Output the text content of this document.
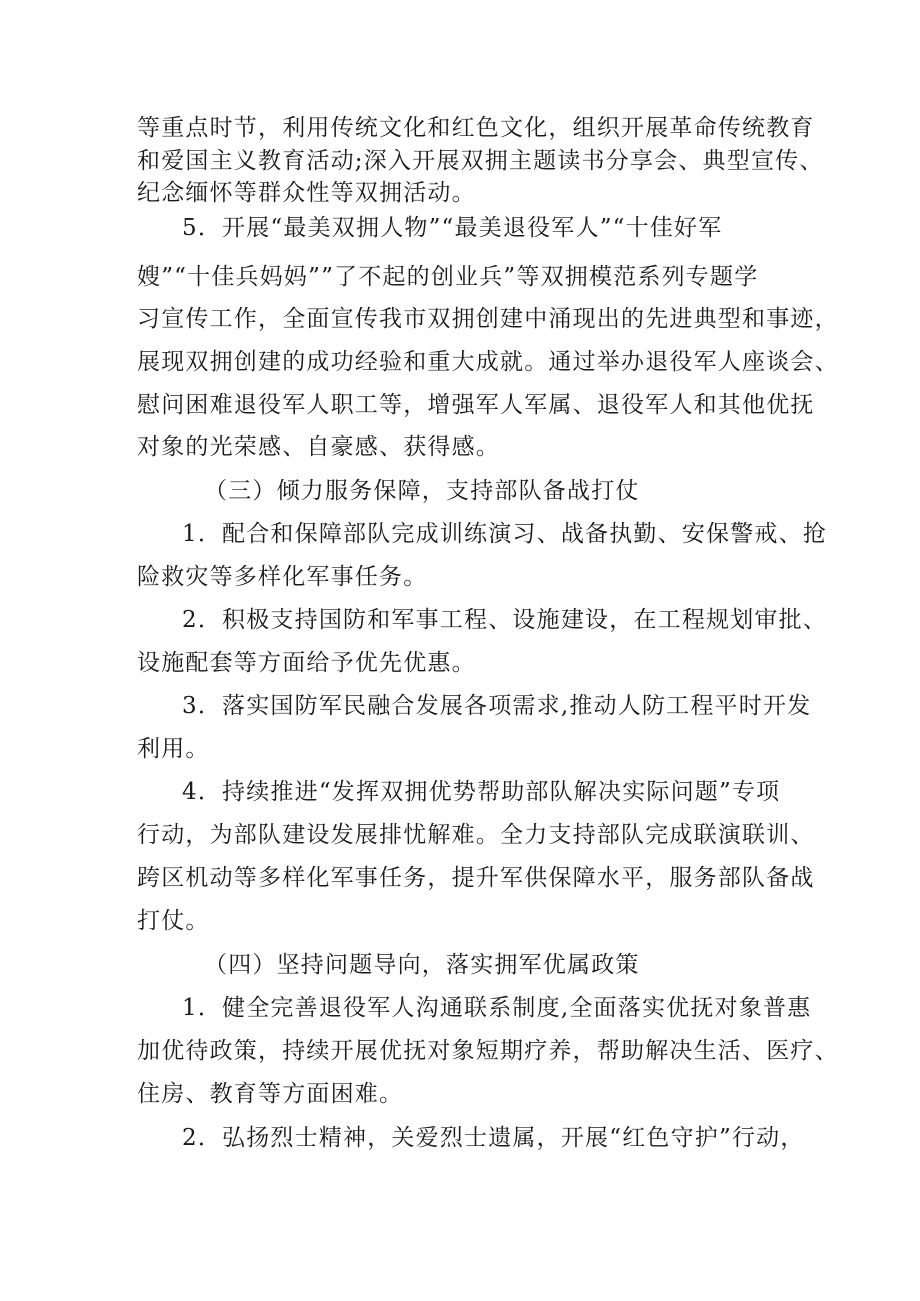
等重点时节，利用传统文化和红色文化，组织开展革命传统教育
和爱国主义教育活动;深入开展双拥主题读书分享会、典型宣传、
纪念缅怀等群众性等双拥活动。
5．开展“最美双拥人物”“最美退役军人”“十佳好军
嫂”“十佳兵妈妈””了不起的创业兵”等双拥模范系列专题学
习宣传工作，全面宣传我市双拥创建中涌现出的先进典型和事迹，
展现双拥创建的成功经验和重大成就。通过举办退役军人座谈会、
慰问困难退役军人职工等，增强军人军属、退役军人和其他优抚
对象的光荣感、自豪感、获得感。
（三）倾力服务保障，支持部队备战打仗
1．配合和保障部队完成训练演习、战备执勤、安保警戒、抢
险救灾等多样化军事任务。
2．积极支持国防和军事工程、设施建设，在工程规划审批、
设施配套等方面给予优先优惠。
3．落实国防军民融合发展各项需求,推动人防工程平时开发
利用。
4．持续推进“发挥双拥优势帮助部队解决实际问题”专项
行动，为部队建设发展排忧解难。全力支持部队完成联演联训、
跨区机动等多样化军事任务，提升军供保障水平，服务部队备战
打仗。
（四）坚持问题导向，落实拥军优属政策
1．健全完善退役军人沟通联系制度,全面落实优抚对象普惠
加优待政策，持续开展优抚对象短期疗养，帮助解决生活、医疗、
住房、教育等方面困难。
2．弘扬烈士精神，关爱烈士遗属，开展“红色守护”行动，
